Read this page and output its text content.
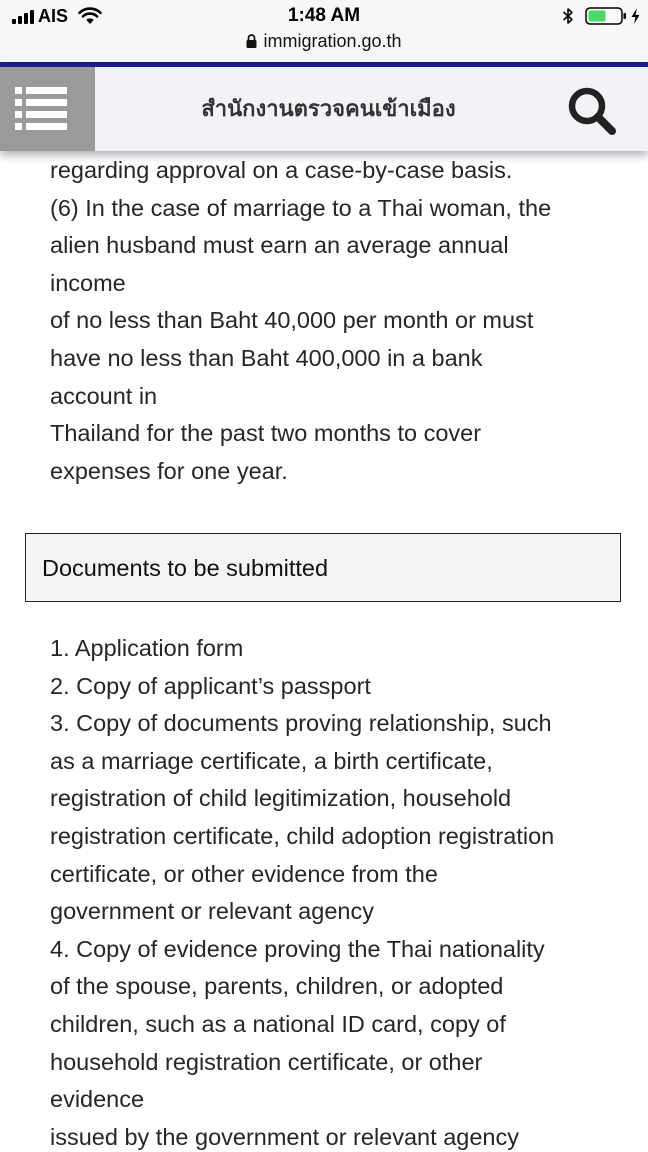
AIS	1:48 AM
immigration.go.th
สำนักงานตรวจคนเข้าเมือง

regarding approval on a case-by-case basis.

(6) In the case of marriage to a Thai woman, the

alien husband must earn an average annual

income

of no less than Baht 40,000 per month or must

have no less than Baht 400,000 in a bank

account in

Thailand for the past two months to cover

expenses for one year.

Documents to be submitted

1. Application form

2. Copy of applicant’s passport

3. Copy of documents proving relationship, such

as a marriage certificate, a birth certificate,

registration of child legitimization, household

registration certificate, child adoption registration

certificate, or other evidence from the

government or relevant agency

4. Copy of evidence proving the Thai nationality

of the spouse, parents, children, or adopted

children, such as a national ID card, copy of

household registration certificate, or other

evidence

issued by the government or relevant agency
